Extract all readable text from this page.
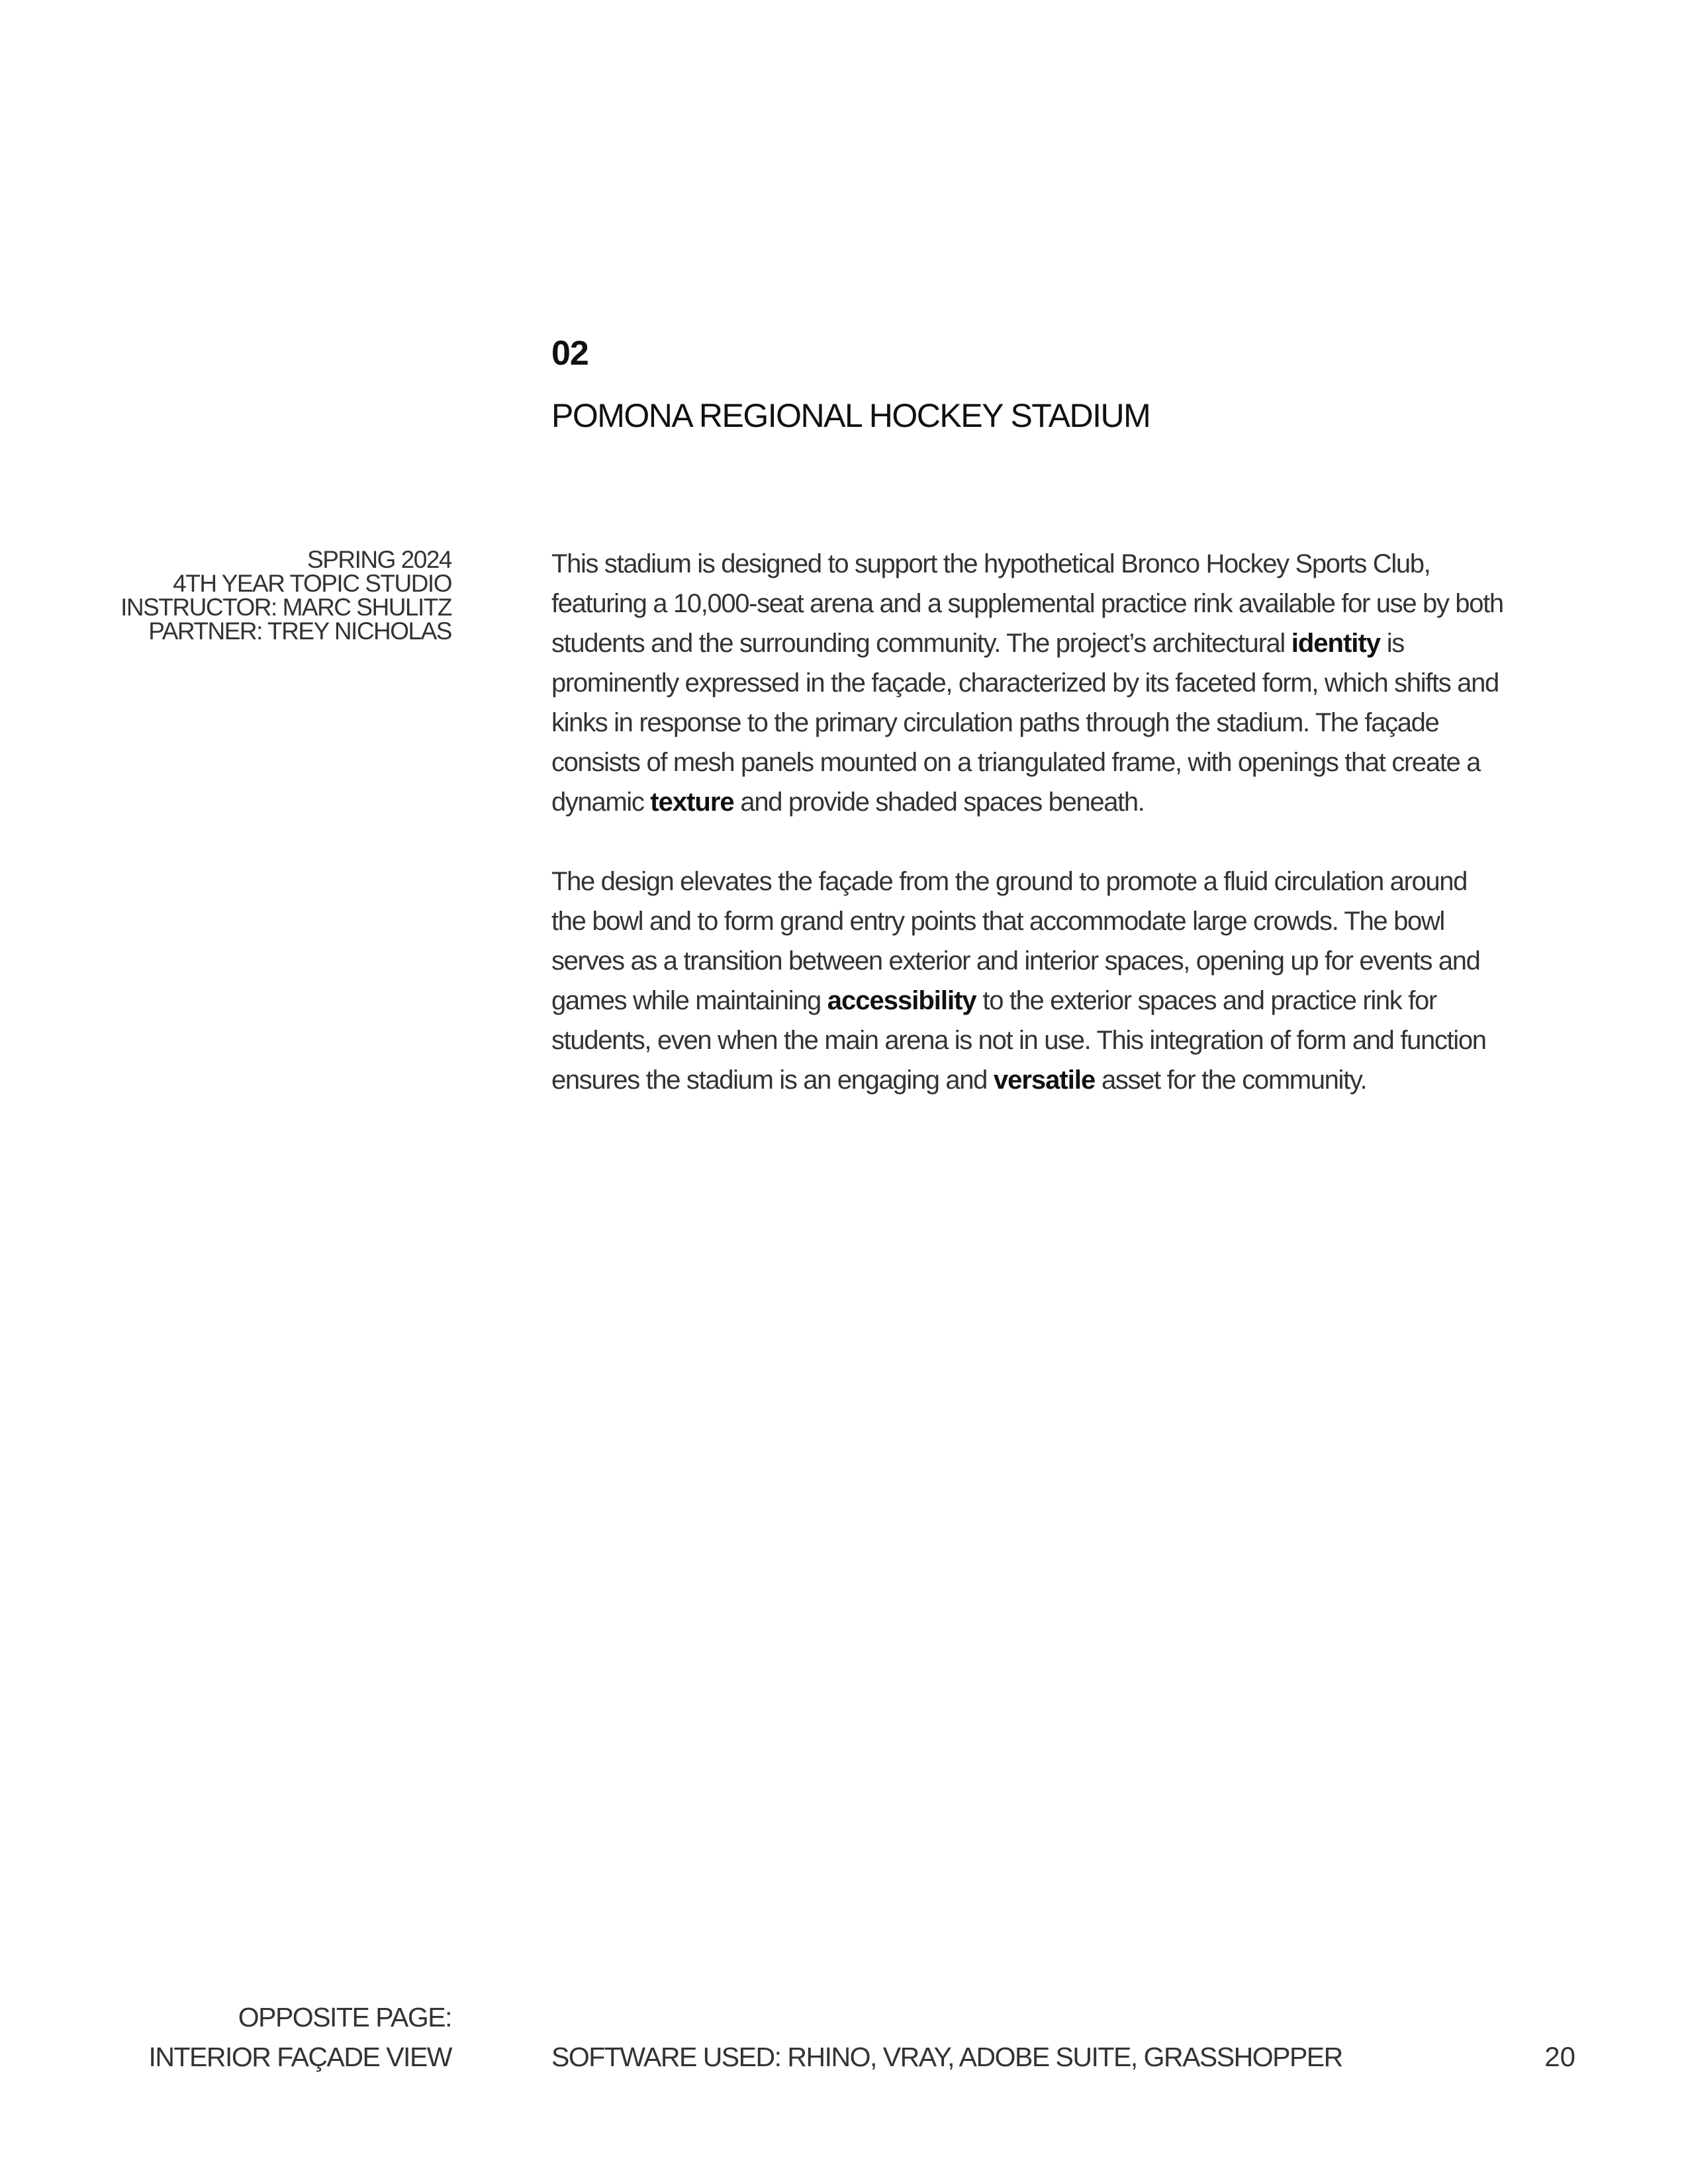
02
POMONA REGIONAL HOCKEY STADIUM
SPRING 2024
4TH YEAR TOPIC STUDIO
INSTRUCTOR: MARC SHULITZ
PARTNER: TREY NICHOLAS

This stadium is designed to support the hypothetical Bronco Hockey Sports Club, featuring a 10,000-seat arena and a supplemental practice rink available for use by both students and the surrounding community. The project’s architectural identity is prominently expressed in the façade, characterized by its faceted form, which shifts and kinks in response to the primary circulation paths through the stadium. The façade consists of mesh panels mounted on a triangulated frame, with openings that create a dynamic texture and provide shaded spaces beneath.

The design elevates the façade from the ground to promote a fluid circulation around the bowl and to form grand entry points that accommodate large crowds. The bowl serves as a transition between exterior and interior spaces, opening up for events and games while maintaining accessibility to the exterior spaces and practice rink for students, even when the main arena is not in use. This integration of form and function ensures the stadium is an engaging and versatile asset for the community.

OPPOSITE PAGE:
INTERIOR FAÇADE VIEW	SOFTWARE USED: RHINO, VRAY, ADOBE SUITE, GRASSHOPPER	20
